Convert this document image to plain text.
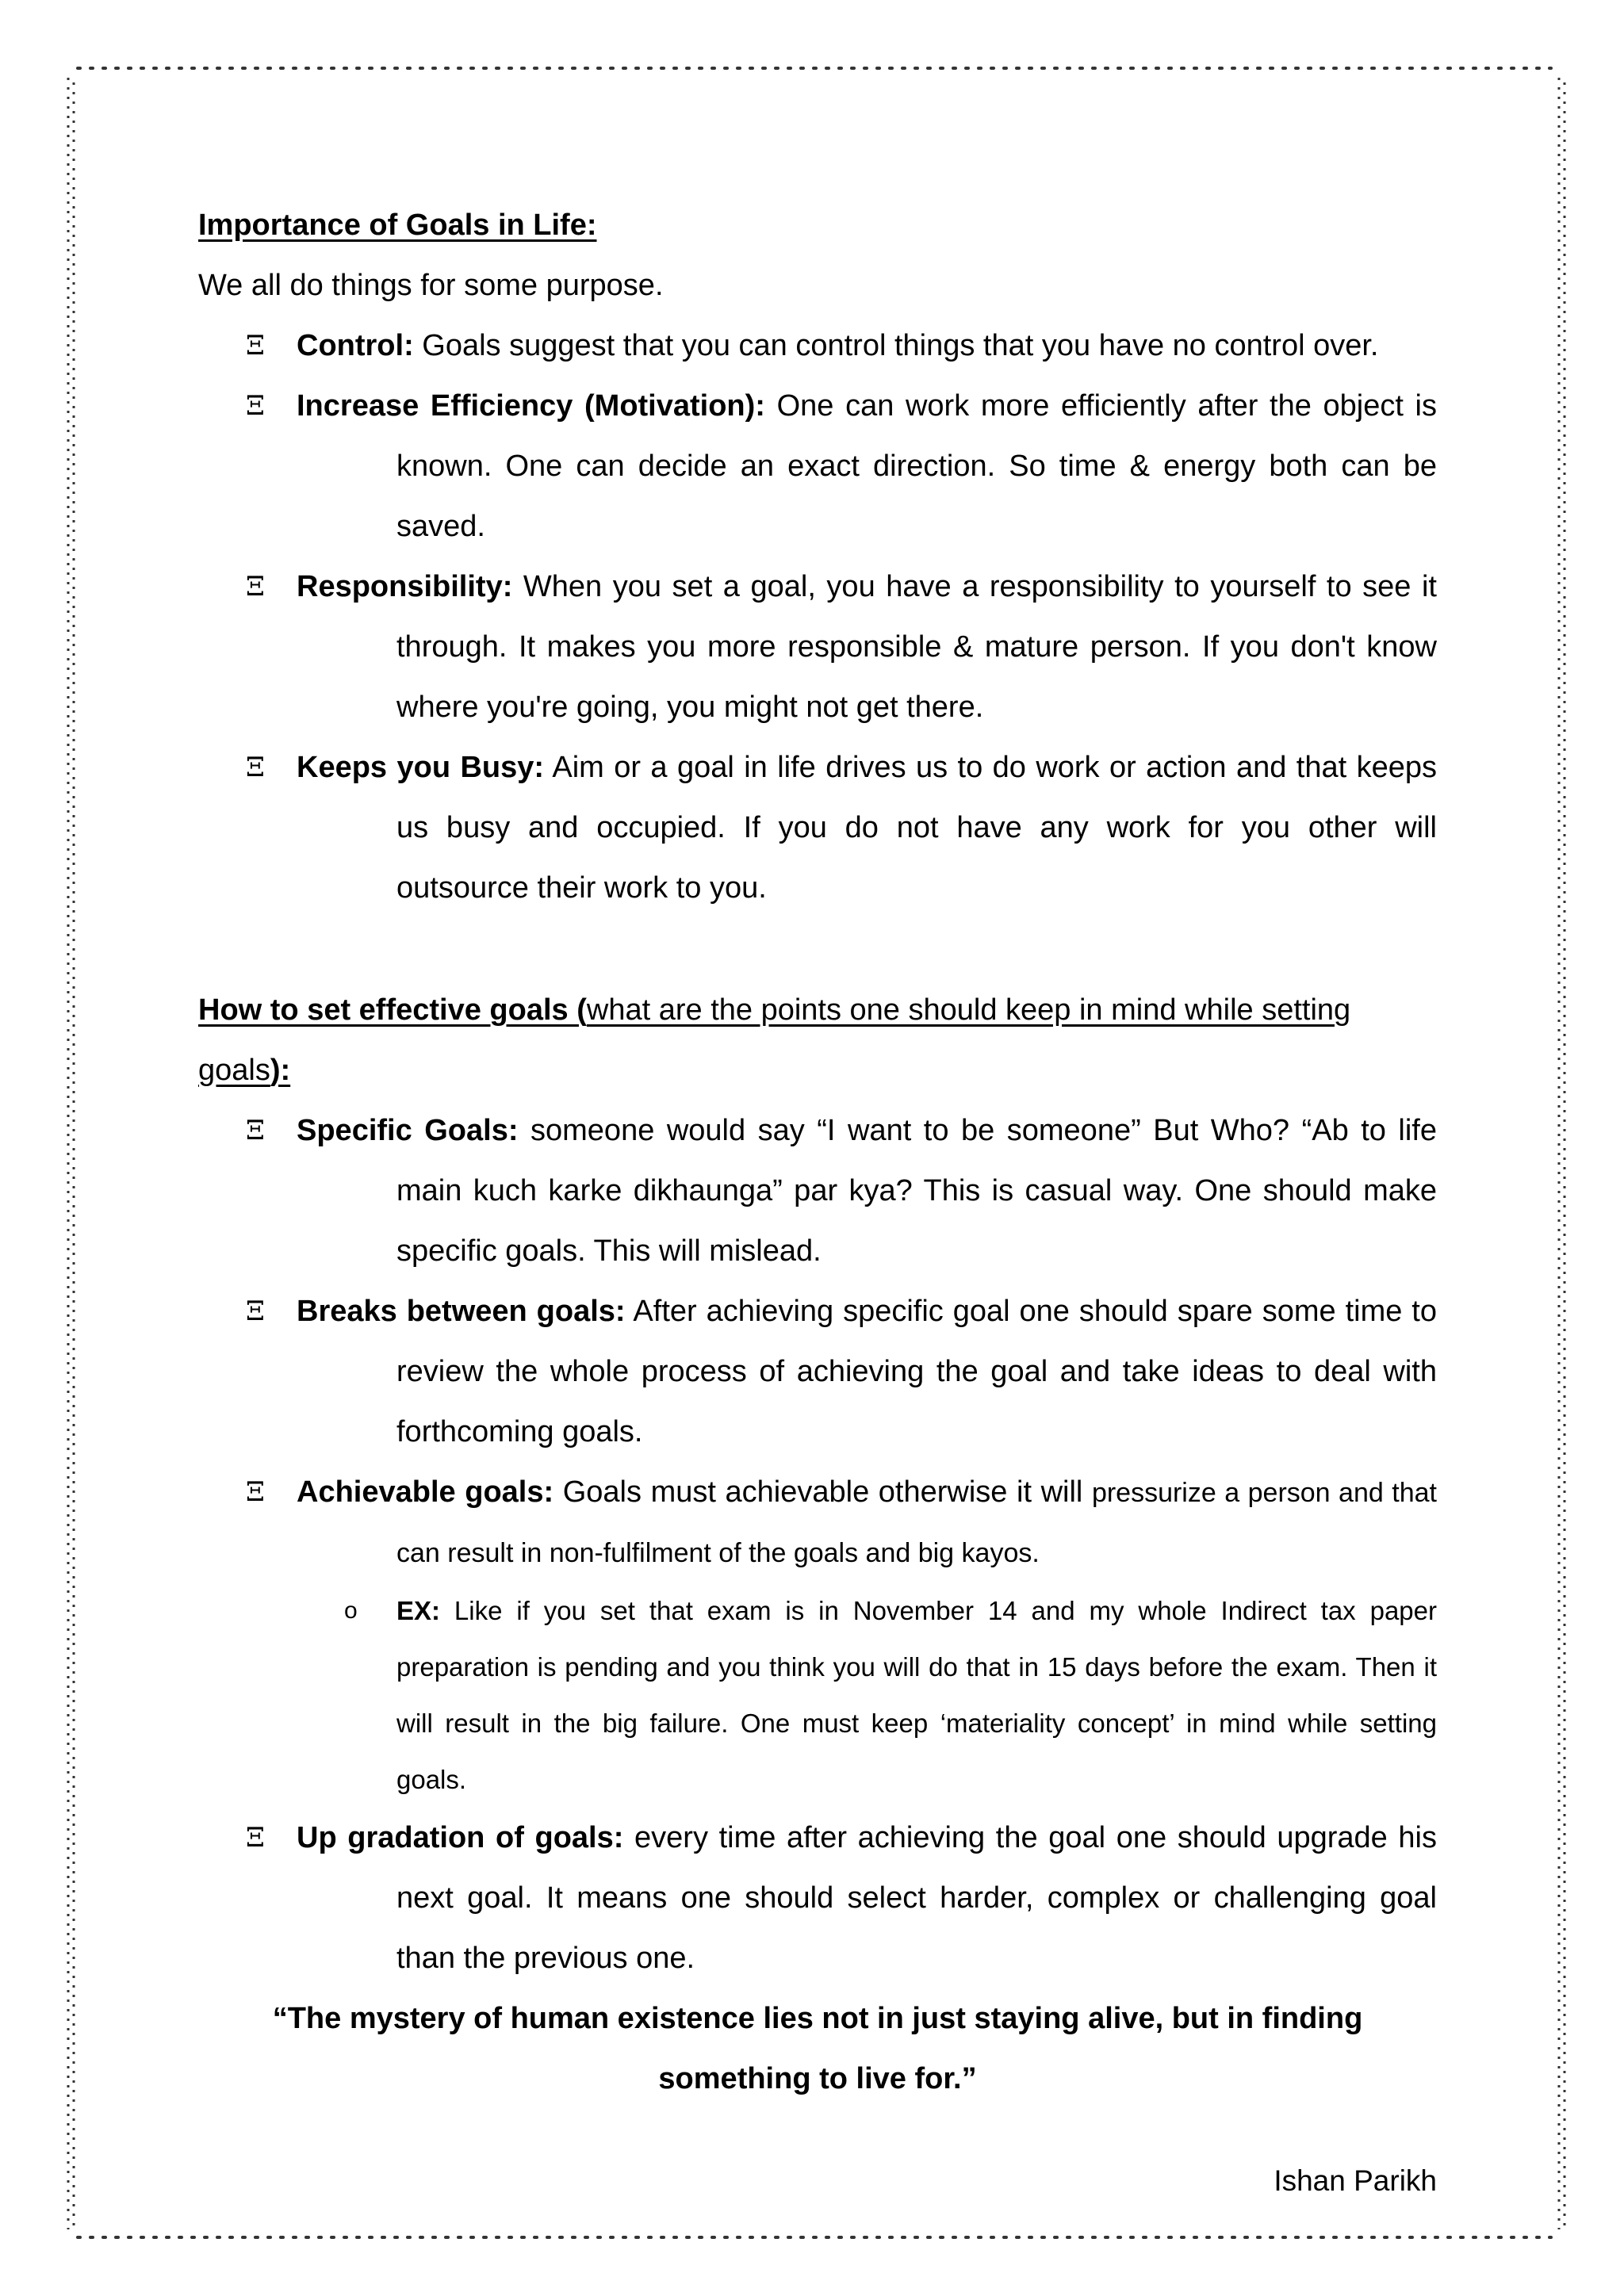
Importance of Goals in Life:

We all do things for some purpose.

Ξ Control: Goals suggest that you can control things that you have no control over.
Ξ Increase Efficiency (Motivation): One can work more efficiently after the object is known. One can decide an exact direction. So time & energy both can be saved.
Ξ Responsibility: When you set a goal, you have a responsibility to yourself to see it through. It makes you more responsible & mature person. If you don't know where you're going, you might not get there.
Ξ Keeps you Busy: Aim or a goal in life drives us to do work or action and that keeps us busy and occupied. If you do not have any work for you other will outsource their work to you.

How to set effective goals (what are the points one should keep in mind while setting goals):

Ξ Specific Goals: someone would say “I want to be someone” But Who? “Ab to life main kuch karke dikhaunga” par kya? This is casual way. One should make specific goals. This will mislead.
Ξ Breaks between goals: After achieving specific goal one should spare some time to review the whole process of achieving the goal and take ideas to deal with forthcoming goals.
Ξ Achievable goals: Goals must achievable otherwise it will pressurize a person and that can result in non-fulfilment of the goals and big kayos.
o EX: Like if you set that exam is in November 14 and my whole Indirect tax paper preparation is pending and you think you will do that in 15 days before the exam. Then it will result in the big failure. One must keep ‘materiality concept’ in mind while setting goals.
Ξ Up gradation of goals: every time after achieving the goal one should upgrade his next goal. It means one should select harder, complex or challenging goal than the previous one.

“The mystery of human existence lies not in just staying alive, but in finding something to live for.”

Ishan Parikh
